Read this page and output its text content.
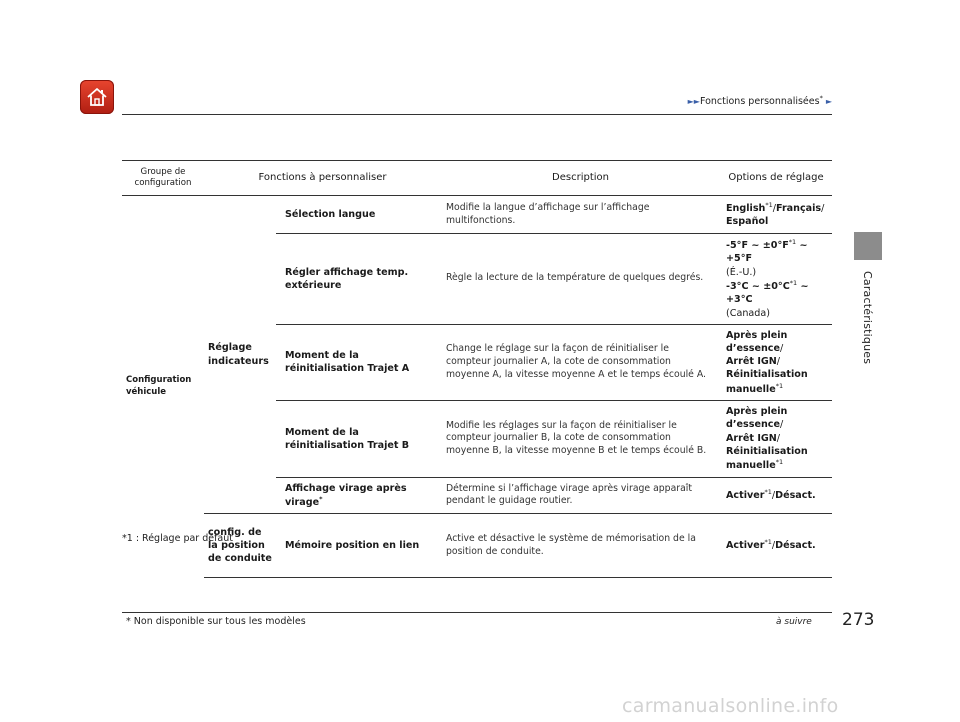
►►Fonctions personnalisées* ►
Caractéristiques
Groupe de configuration	Fonctions à personnaliser		Description	Options de réglage
Configuration véhicule	Réglage indicateurs	Sélection langue	Modifie la langue d’affichage sur l’affichage multifonctions.	English$^{*1}$/Français/
Español
		Régler affichage temp. extérieure	Règle la lecture de la température de quelques degrés.	-5°F ~ $\pm 0^\circ F^{*1}$ ~ +5°F
(É.-U.)
-3°C ~ $\pm 0^\circ C^{*1}$ ~ +3°C
(Canada)
		Moment de la réinitialisation Trajet A	Change le réglage sur la façon de réinitialiser le compteur journalier A, la cote de consommation moyenne A, la vitesse moyenne A et le temps écoulé A.	Après plein d’essence/
Arrêt IGN/
Réinitialisation manuelle$^{*1}$
		Moment de la réinitialisation Trajet B	Modifie les réglages sur la façon de réinitialiser le compteur journalier B, la cote de consommation moyenne B, la vitesse moyenne B et le temps écoulé B.	Après plein d’essence/
Arrêt IGN/
Réinitialisation manuelle$^{*1}$
		Affichage virage après virage*	Détermine si l’affichage virage après virage apparaît pendant le guidage routier.	Activer$^{*1}$/Désact.
	config. de la position de conduite	Mémoire position en lien	Active et désactive le système de mémorisation de la position de conduite.	Activer$^{*1}$/Désact.
*1 : Réglage par défaut
* Non disponible sur tous les modèles	à suivre 273
carmanualsonline.info
